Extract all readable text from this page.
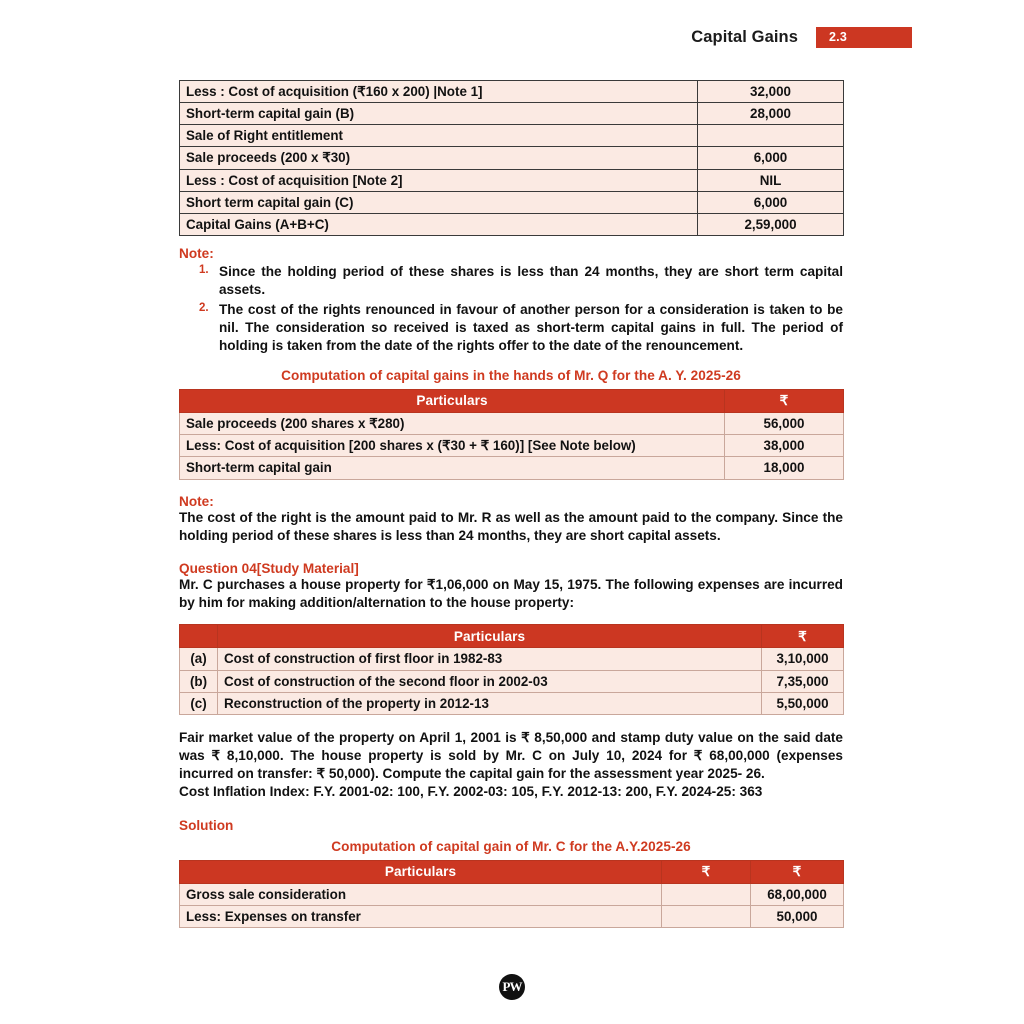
Capital Gains	2.3
Less : Cost of acquisition (₹160 x 200) |Note 1]	32,000
Short-term capital gain (B)	28,000
Sale of Right entitlement	
Sale proceeds (200 x ₹30)	6,000
Less : Cost of acquisition [Note 2]	NIL
Short term capital gain (C)	6,000
Capital Gains (A+B+C)	2,59,000

Note:

Since the holding period of these shares is less than 24 months, they are short term capital assets.
The cost of the rights renounced in favour of another person for a consideration is taken to be nil. The consideration so received is taxed as short-term capital gains in full. The period of holding is taken from the date of the rights offer to the date of the renouncement.

Computation of capital gains in the hands of Mr. Q for the A. Y. 2025-26

Particulars	₹
Sale proceeds (200 shares x ₹280)	56,000
Less: Cost of acquisition [200 shares x (₹30 + ₹ 160)] [See Note below)	38,000
Short-term capital gain	18,000

Note:

The cost of the right is the amount paid to Mr. R as well as the amount paid to the company. Since the holding period of these shares is less than 24 months, they are short capital assets.

Question 04[Study Material]

Mr. C purchases a house property for ₹1,06,000 on May 15, 1975. The following expenses are incurred by him for making addition/alternation to the house property:

	Particulars	₹
(a)	Cost of construction of first floor in 1982-83	3,10,000
(b)	Cost of construction of the second floor in 2002-03	7,35,000
(c)	Reconstruction of the property in 2012-13	5,50,000

Fair market value of the property on April 1, 2001 is ₹ 8,50,000 and stamp duty value on the said date was ₹ 8,10,000. The house property is sold by Mr. C on July 10, 2024 for ₹ 68,00,000 (expenses incurred on transfer: ₹ 50,000). Compute the capital gain for the assessment year 2025- 26.

Cost Inflation Index: F.Y. 2001-02: 100, F.Y. 2002-03: 105, F.Y. 2012-13: 200, F.Y. 2024-25: 363

Solution

Computation of capital gain of Mr. C for the A.Y.2025-26

Particulars	₹	₹
Gross sale consideration		68,00,000
Less: Expenses on transfer		50,000
PW
